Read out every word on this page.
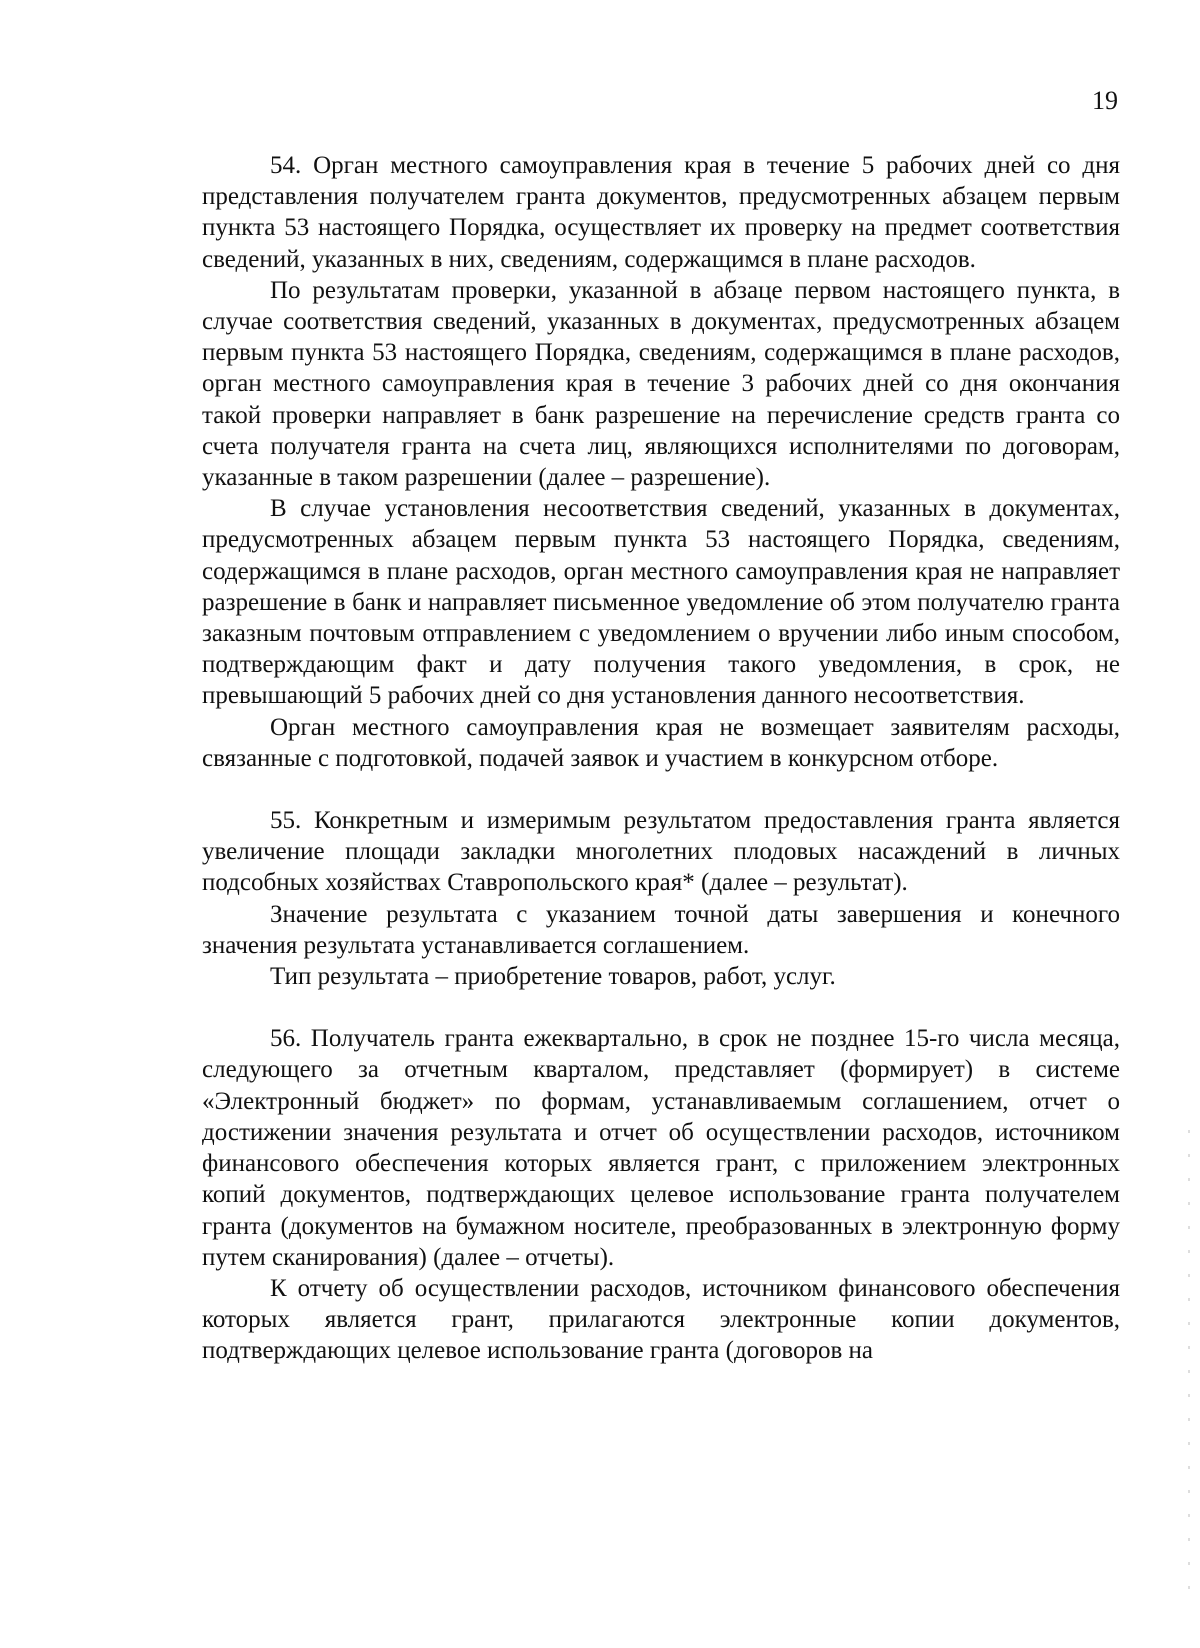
19

54. Орган местного самоуправления края в течение 5 рабочих дней со дня представления получателем гранта документов, предусмотренных абзацем первым пункта 53 настоящего Порядка, осуществляет их проверку на предмет соответствия сведений, указанных в них, сведениям, содержащимся в плане расходов.

По результатам проверки, указанной в абзаце первом настоящего пункта, в случае соответствия сведений, указанных в документах, предусмотренных абзацем первым пункта 53 настоящего Порядка, сведениям, содержащимся в плане расходов, орган местного самоуправления края в течение 3 рабочих дней со дня окончания такой проверки направляет в банк разрешение на перечисление средств гранта со счета получателя гранта на счета лиц, являющихся исполнителями по договорам, указанные в таком разрешении (далее – разрешение).

В случае установления несоответствия сведений, указанных в документах, предусмотренных абзацем первым пункта 53 настоящего Порядка, сведениям, содержащимся в плане расходов, орган местного самоуправления края не направляет разрешение в банк и направляет письменное уведомление об этом получателю гранта заказным почтовым отправлением с уведомлением о вручении либо иным способом, подтверждающим факт и дату получения такого уведомления, в срок, не превышающий 5 рабочих дней со дня установления данного несоответствия.

Орган местного самоуправления края не возмещает заявителям расходы, связанные с подготовкой, подачей заявок и участием в конкурсном отборе.

55. Конкретным и измеримым результатом предоставления гранта является увеличение площади закладки многолетних плодовых насаждений в личных подсобных хозяйствах Ставропольского края* (далее – результат).

Значение результата с указанием точной даты завершения и конечного значения результата устанавливается соглашением.

Тип результата – приобретение товаров, работ, услуг.

56. Получатель гранта ежеквартально, в срок не позднее 15-го числа месяца, следующего за отчетным кварталом, представляет (формирует) в системе «Электронный бюджет» по формам, устанавливаемым соглашением, отчет о достижении значения результата и отчет об осуществлении расходов, источником финансового обеспечения которых является грант, с приложением электронных копий документов, подтверждающих целевое использование гранта получателем гранта (документов на бумажном носителе, преобразованных в электронную форму путем сканирования) (далее – отчеты).

К отчету об осуществлении расходов, источником финансового обеспечения которых является грант, прилагаются электронные копии документов, подтверждающих целевое использование гранта (договоров на
